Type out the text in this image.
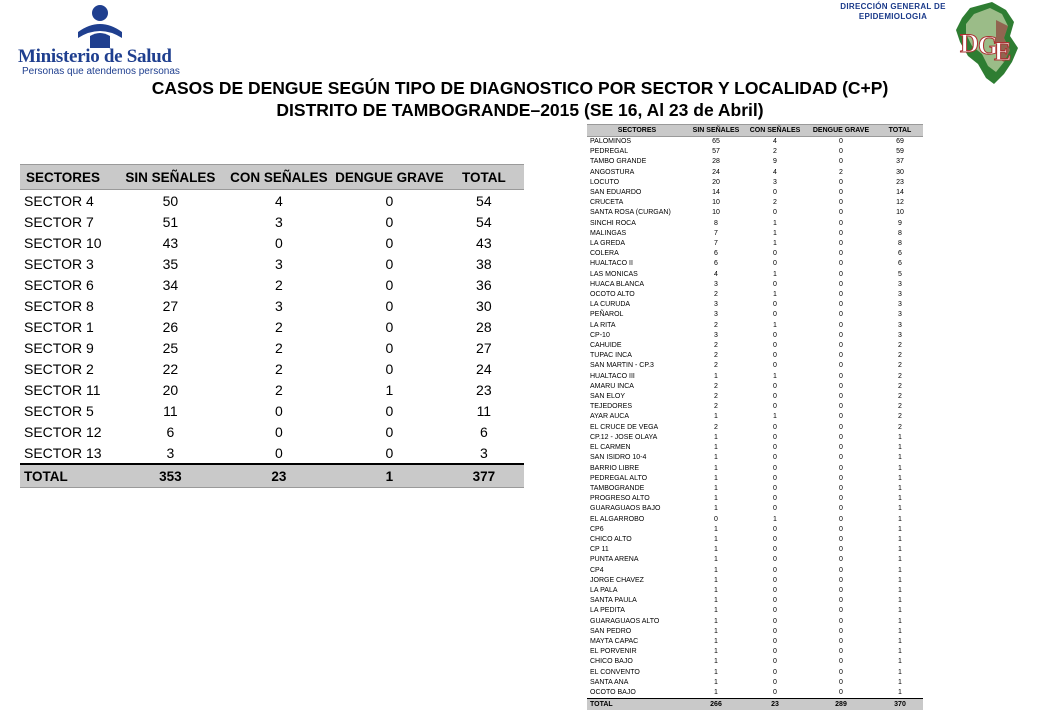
Ministerio de Salud
Personas que atendemos personas
DIRECCIÓN GENERAL DE
EPIDEMIOLOGIA
D G
E
CASOS DE DENGUE SEGÚN TIPO DE DIAGNOSTICO POR SECTOR Y LOCALIDAD (C+P)
DISTRITO DE TAMBOGRANDE–2015 (SE 16, Al 23 de Abril)
SECTORES	SIN SEÑALES	CON SEÑALES	DENGUE GRAVE	TOTAL
SECTOR 4	50	4	0	54
SECTOR 7	51	3	0	54
SECTOR 10	43	0	0	43
SECTOR 3	35	3	0	38
SECTOR 6	34	2	0	36
SECTOR 8	27	3	0	30
SECTOR 1	26	2	0	28
SECTOR 9	25	2	0	27
SECTOR 2	22	2	0	24
SECTOR 11	20	2	1	23
SECTOR 5	11	0	0	11
SECTOR 12	6	0	0	6
SECTOR 13	3	0	0	3
TOTAL	353	23	1	377
SECTORES	SIN SEÑALES	CON SEÑALES	DENGUE GRAVE	TOTAL
PALOMINOS	65	4	0	69
PEDREGAL	57	2	0	59
TAMBO GRANDE	28	9	0	37
ANGOSTURA	24	4	2	30
LOCUTO	20	3	0	23
SAN EDUARDO	14	0	0	14
CRUCETA	10	2	0	12
SANTA ROSA (CURGAN)	10	0	0	10
SINCHI ROCA	8	1	0	9
MALINGAS	7	1	0	8
LA GREDA	7	1	0	8
COLERA	6	0	0	6
HUALTACO II	6	0	0	6
LAS MONICAS	4	1	0	5
HUACA BLANCA	3	0	0	3
OCOTO ALTO	2	1	0	3
LA CURUDA	3	0	0	3
PEÑAROL	3	0	0	3
LA RITA	2	1	0	3
CP-10	3	0	0	3
CAHUIDE	2	0	0	2
TUPAC INCA	2	0	0	2
SAN MARTIN - CP.3	2	0	0	2
HUALTACO III	1	1	0	2
AMARU INCA	2	0	0	2
SAN ELOY	2	0	0	2
TEJEDORES	2	0	0	2
AYAR AUCA	1	1	0	2
EL CRUCE DE VEGA	2	0	0	2
CP.12 - JOSE OLAYA	1	0	0	1
EL CARMEN	1	0	0	1
SAN ISIDRO 10-4	1	0	0	1
BARRIO LIBRE	1	0	0	1
PEDREGAL ALTO	1	0	0	1
TAMBOGRANDE	1	0	0	1
PROGRESO ALTO	1	0	0	1
GUARAGUAOS BAJO	1	0	0	1
EL ALGARROBO	0	1	0	1
CP6	1	0	0	1
CHICO ALTO	1	0	0	1
CP 11	1	0	0	1
PUNTA ARENA	1	0	0	1
CP4	1	0	0	1
JORGE CHAVEZ	1	0	0	1
LA PALA	1	0	0	1
SANTA PAULA	1	0	0	1
LA PEDITA	1	0	0	1
GUARAGUAOS ALTO	1	0	0	1
SAN PEDRO	1	0	0	1
MAYTA CAPAC	1	0	0	1
EL PORVENIR	1	0	0	1
CHICO BAJO	1	0	0	1
EL CONVENTO	1	0	0	1
SANTA ANA	1	0	0	1
OCOTO BAJO	1	0	0	1
TOTAL	266	23	289	370
